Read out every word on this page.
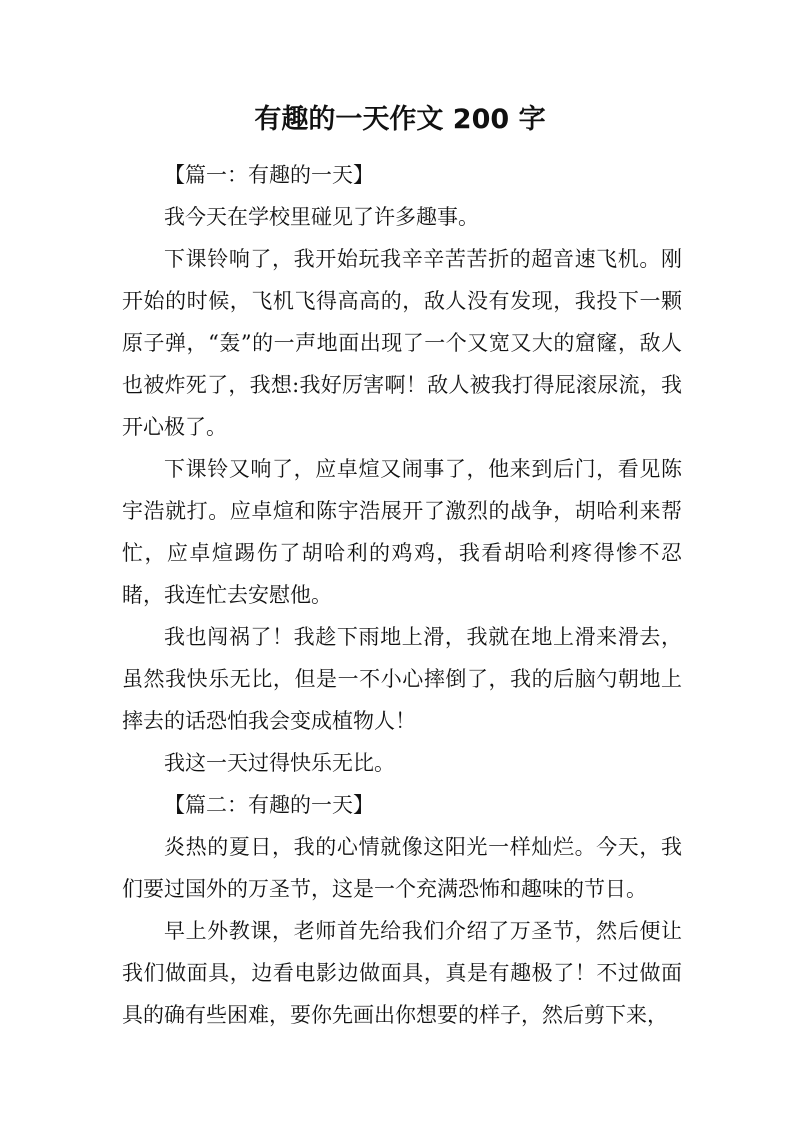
有趣的一天作文 200 字

【篇一：有趣的一天】

我今天在学校里碰见了许多趣事。

下课铃响了，我开始玩我辛辛苦苦折的超音速飞机。刚开始的时候，飞机飞得高高的，敌人没有发现，我投下一颗原子弹，“轰”的一声地面出现了一个又宽又大的窟窿，敌人也被炸死了，我想:我好厉害啊！敌人被我打得屁滚尿流，我开心极了。

下课铃又响了，应卓煊又闹事了，他来到后门，看见陈宇浩就打。应卓煊和陈宇浩展开了激烈的战争，胡哈利来帮忙，应卓煊踢伤了胡哈利的鸡鸡，我看胡哈利疼得惨不忍睹，我连忙去安慰他。

我也闯祸了！我趁下雨地上滑，我就在地上滑来滑去，虽然我快乐无比，但是一不小心摔倒了，我的后脑勺朝地上摔去的话恐怕我会变成植物人！

我这一天过得快乐无比。

【篇二：有趣的一天】

炎热的夏日，我的心情就像这阳光一样灿烂。今天，我们要过国外的万圣节，这是一个充满恐怖和趣味的节日。

早上外教课，老师首先给我们介绍了万圣节，然后便让我们做面具，边看电影边做面具，真是有趣极了！不过做面具的确有些困难，要你先画出你想要的样子，然后剪下来，
